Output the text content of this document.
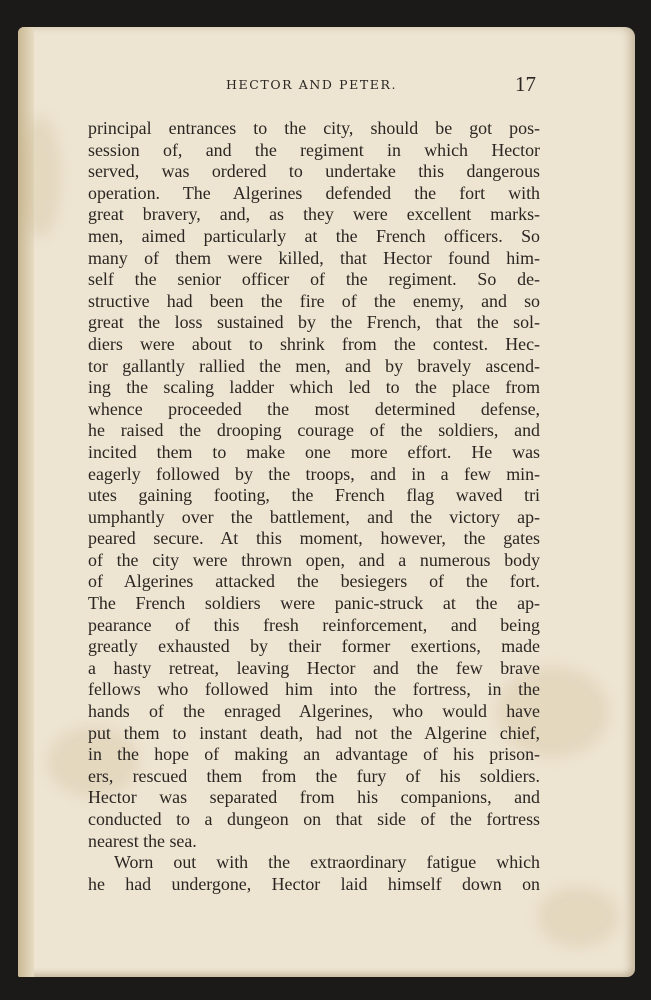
HECTOR AND PETER.	17
principal entrances to the city, should be got pos-
session of, and the regiment in which Hector
served, was ordered to undertake this dangerous
operation. The Algerines defended the fort with
great bravery, and, as they were excellent marks-
men, aimed particularly at the French officers. So
many of them were killed, that Hector found him-
self the senior officer of the regiment. So de-
structive had been the fire of the enemy, and so
great the loss sustained by the French, that the sol-
diers were about to shrink from the contest. Hec-
tor gallantly rallied the men, and by bravely ascend-
ing the scaling ladder which led to the place from
whence proceeded the most determined defense,
he raised the drooping courage of the soldiers, and
incited them to make one more effort. He was
eagerly followed by the troops, and in a few min-
utes gaining footing, the French flag waved tri
umphantly over the battlement, and the victory ap-
peared secure. At this moment, however, the gates
of the city were thrown open, and a numerous body
of Algerines attacked the besiegers of the fort.
The French soldiers were panic-struck at the ap-
pearance of this fresh reinforcement, and being
greatly exhausted by their former exertions, made
a hasty retreat, leaving Hector and the few brave
fellows who followed him into the fortress, in the
hands of the enraged Algerines, who would have
put them to instant death, had not the Algerine chief,
in the hope of making an advantage of his prison-
ers, rescued them from the fury of his soldiers.
Hector was separated from his companions, and
conducted to a dungeon on that side of the fortress
nearest the sea.
Worn out with the extraordinary fatigue which
he had undergone, Hector laid himself down on
